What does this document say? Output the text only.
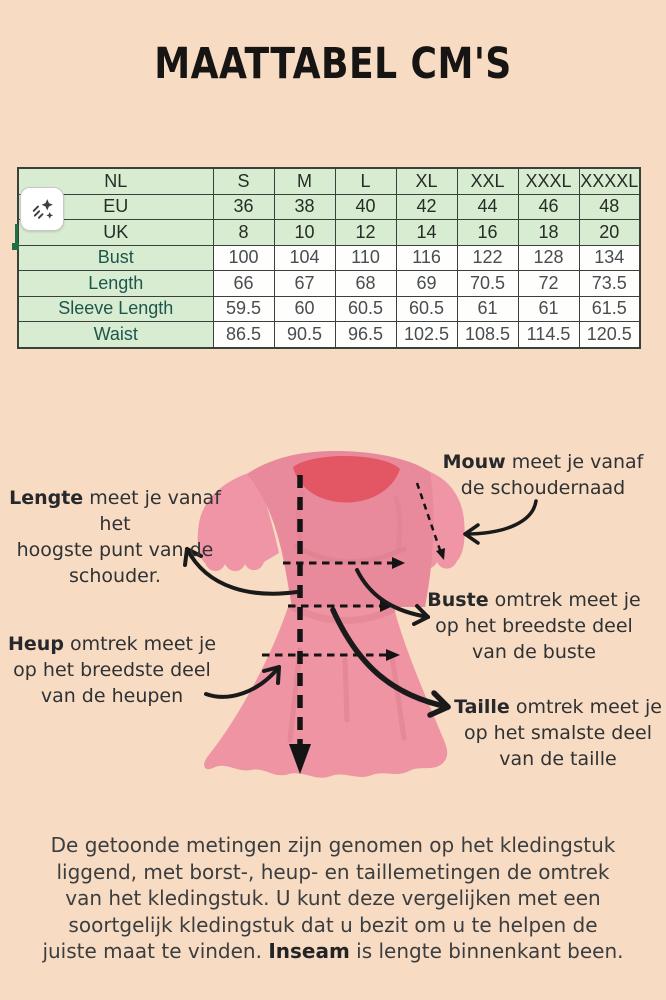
MAATTABEL CM'S
NL	S	M	L	XL	XXL	XXXL	XXXXL
EU	36	38	40	42	44	46	48
UK	8	10	12	14	16	18	20
Bust	100	104	110	116	122	128	134
Length	66	67	68	69	70.5	72	73.5
Sleeve Length	59.5	60	60.5	60.5	61	61	61.5
Waist	86.5	90.5	96.5	102.5	108.5	114.5	120.5
Lengte meet je vanaf het
hoogste punt van de
schouder.
Mouw meet je vanaf
de schoudernaad
Buste omtrek meet je
op het breedste deel
van de buste
Heup omtrek meet je
op het breedste deel
van de heupen	Taille omtrek meet je
op het smalste deel
van de taille
De getoonde metingen zijn genomen op het kledingstuk
liggend, met borst-, heup- en taillemetingen de omtrek
van het kledingstuk. U kunt deze vergelijken met een
soortgelijk kledingstuk dat u bezit om u te helpen de
juiste maat te vinden. Inseam is lengte binnenkant been.
